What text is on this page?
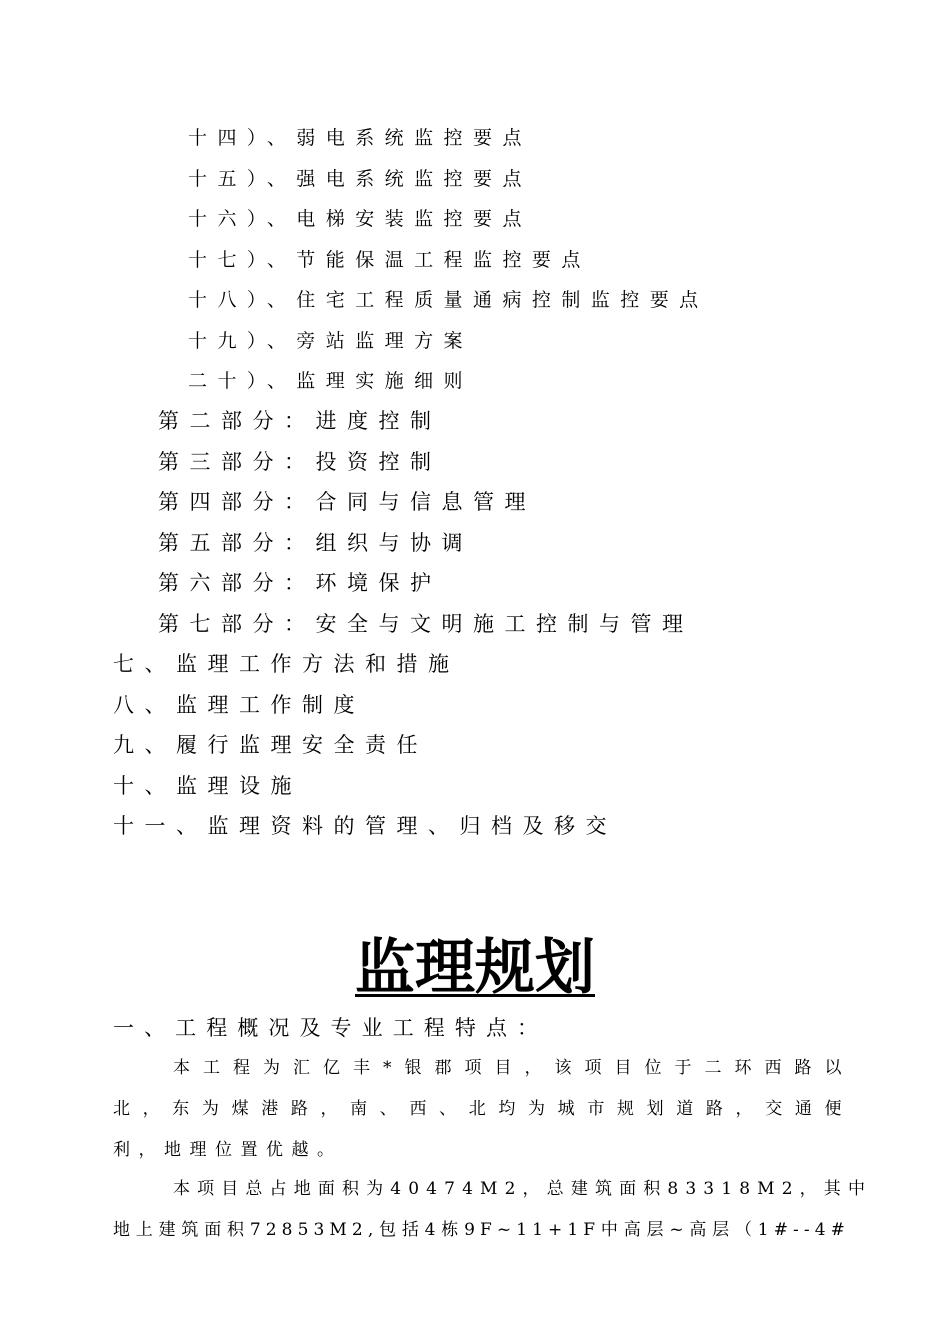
十四）、弱电系统监控要点
十五）、强电系统监控要点
十六）、电梯安装监控要点
十七）、节能保温工程监控要点
十八）、住宅工程质量通病控制监控要点
十九）、旁站监理方案
二十）、监理实施细则
第二部分：进度控制
第三部分：投资控制
第四部分：合同与信息管理
第五部分：组织与协调
第六部分：环境保护
第七部分：安全与文明施工控制与管理
七、监理工作方法和措施
八、监理工作制度
九、履行监理安全责任
十、监理设施
十一、监理资料的管理、归档及移交
监理规划
一、工程概况及专业工程特点：
本工程为汇亿丰*银郡项目，该项目位于二环西路以
北，东为煤港路，南、西、北均为城市规划道路，交通便
利，地理位置优越。
本项目总占地面积为40474M2，总建筑面积83318M2，其中
地上建筑面积72853M2,包括4栋9F~11+1F中高层~高层（1#--4#
